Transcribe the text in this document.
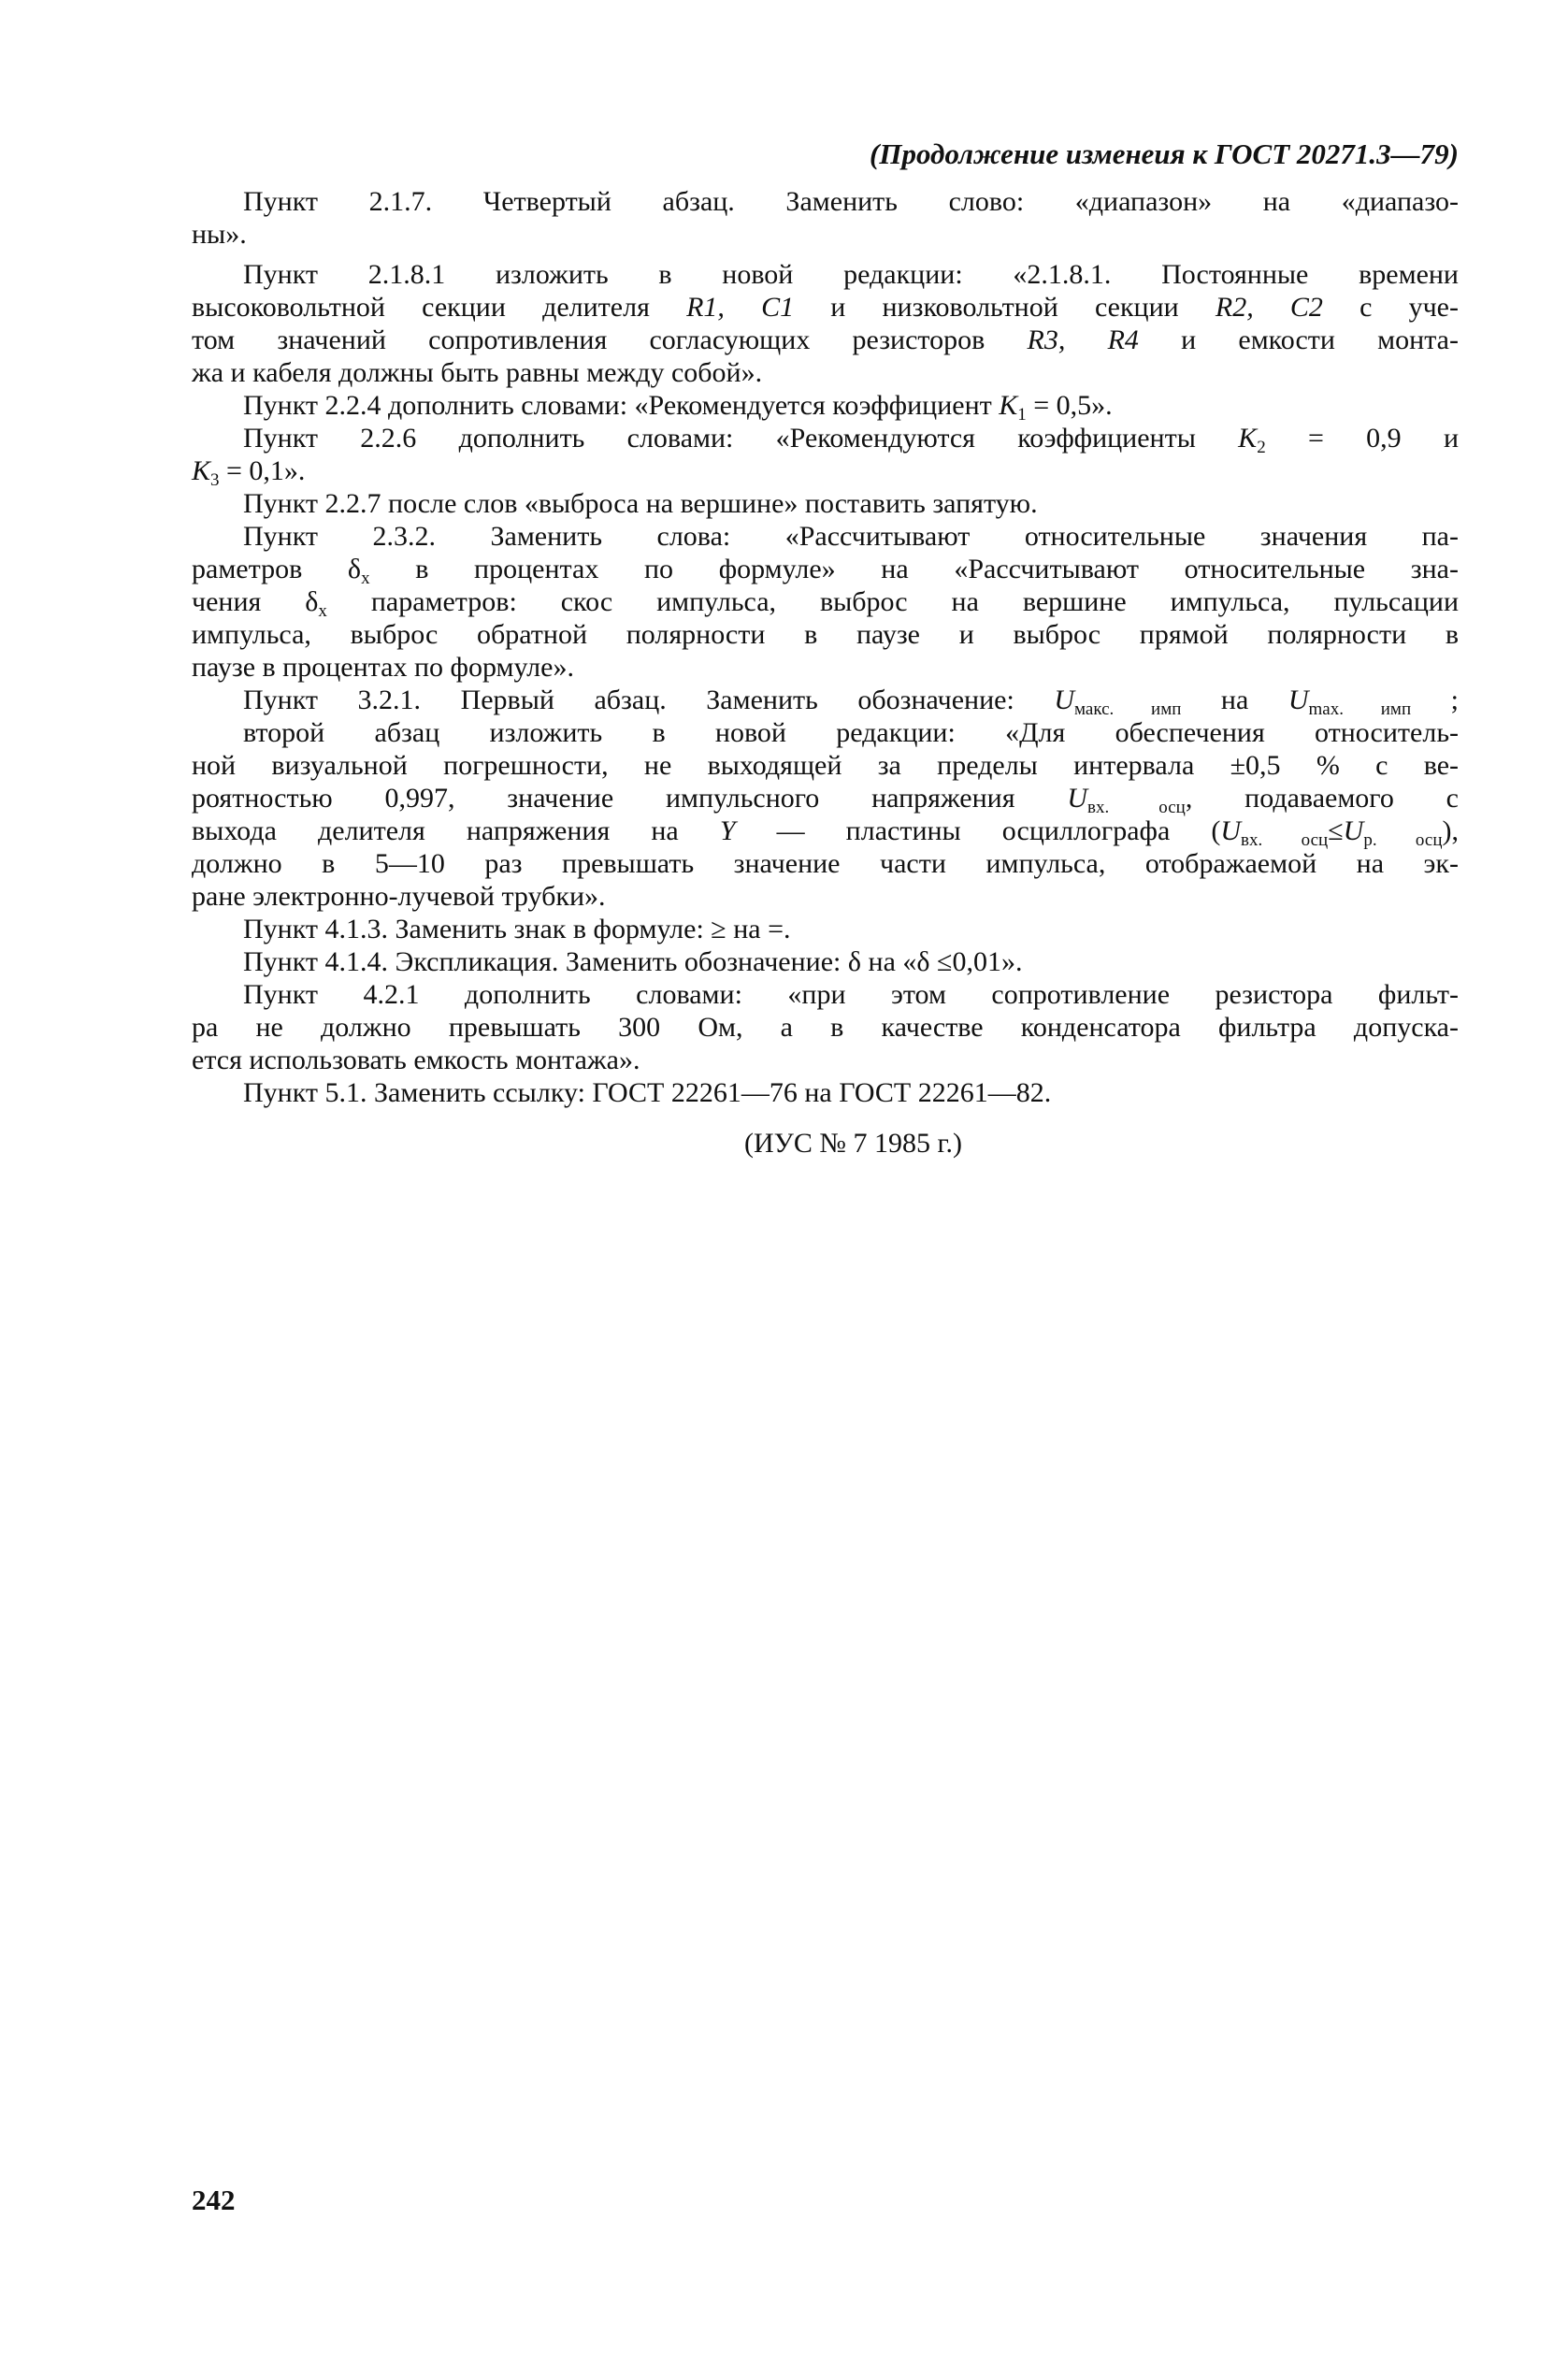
(Продолжение изменеия к ГОСТ 20271.3—79)
Пункт 2.1.7. Четвертый абзац. Заменить слово: «диапазон» на «диапазо-
ны».
Пункт 2.1.8.1 изложить в новой редакции: «2.1.8.1. Постоянные времени
высоковольтной секции делителя R1, C1 и низковольтной секции R2, C2 с уче-
том значений сопротивления согласующих резисторов R3, R4 и емкости монта-
жа и кабеля должны быть равны между собой».
Пункт 2.2.4 дополнить словами: «Рекомендуется коэффициент $K_1 = 0,5$».
Пункт 2.2.6 дополнить словами: «Рекомендуются коэффициенты $K_2 = 0,9$ и
$K_3 = 0,1$».
Пункт 2.2.7 после слов «выброса на вершине» поставить запятую.
Пункт 2.3.2. Заменить слова: «Рассчитывают относительные значения па-
раметров $\delta_x$ в процентах по формуле» на «Рассчитывают относительные зна-
чения $\delta_x$ параметров: скос импульса, выброс на вершине импульса, пульсации
импульса, выброс обратной полярности в паузе и выброс прямой полярности в
паузе в процентах по формуле».
Пункт 3.2.1. Первый абзац. Заменить обозначение: $U_{макс. имп}$ на $U_{max. имп}$ ;
второй абзац изложить в новой редакции: «Для обеспечения относитель-
ной визуальной погрешности, не выходящей за пределы интервала ±0,5 % с ве-
роятностью 0,997, значение импульсного напряжения $U_{вх. осц}$, подаваемого с
выхода делителя напряжения на Y — пластины осциллографа $(U_{вх. осц}\le U_{р. осц})$,
должно в 5—10 раз превышать значение части импульса, отображаемой на эк-
ране электронно-лучевой трубки».
Пункт 4.1.3. Заменить знак в формуле: ≥ на =.
Пункт 4.1.4. Экспликация. Заменить обозначение: δ на «δ ≤0,01».
Пункт 4.2.1 дополнить словами: «при этом сопротивление резистора фильт-
ра не должно превышать 300 Ом, а в качестве конденсатора фильтра допуска-
ется использовать емкость монтажа».
Пункт 5.1. Заменить ссылку: ГОСТ 22261—76 на ГОСТ 22261—82.
(ИУС № 7 1985 г.)
242
